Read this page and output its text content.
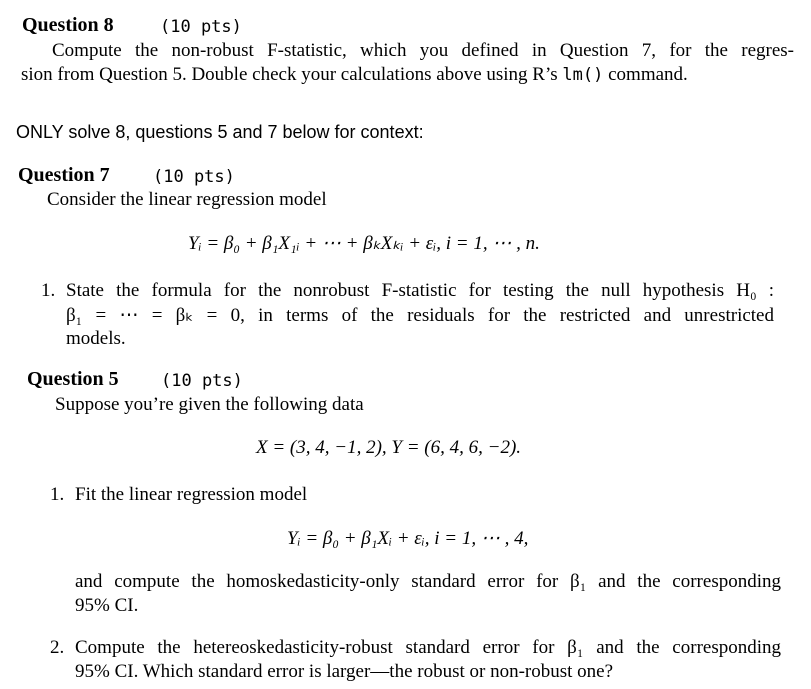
Question 8	(10 pts)
Compute the non-robust F-statistic, which you defined in Question 7, for the regres-
sion from Question 5. Double check your calculations above using R’s lm() command.
ONLY solve 8, questions 5 and 7 below for context:
Question 7	(10 pts)
Consider the linear regression model
Yᵢ = β₀ + β₁X₁ᵢ + ⋯ + βₖXₖᵢ + εᵢ, i = 1, ⋯ , n.
1. State the formula for the nonrobust F-statistic for testing the null hypothesis H₀ :
β₁ = ⋯ = βₖ = 0, in terms of the residuals for the restricted and unrestricted
models.
Question 5 (10 pts)
Suppose you’re given the following data
X = (3, 4, −1, 2), Y = (6, 4, 6, −2).
1. Fit the linear regression model
Yᵢ = β₀ + β₁Xᵢ + εᵢ, i = 1, ⋯ , 4,
and compute the homoskedasticity-only standard error for β₁ and the corresponding
95% CI.
2. Compute the hetereoskedasticity-robust standard error for β₁ and the corresponding
95% CI. Which standard error is larger—the robust or non-robust one?
